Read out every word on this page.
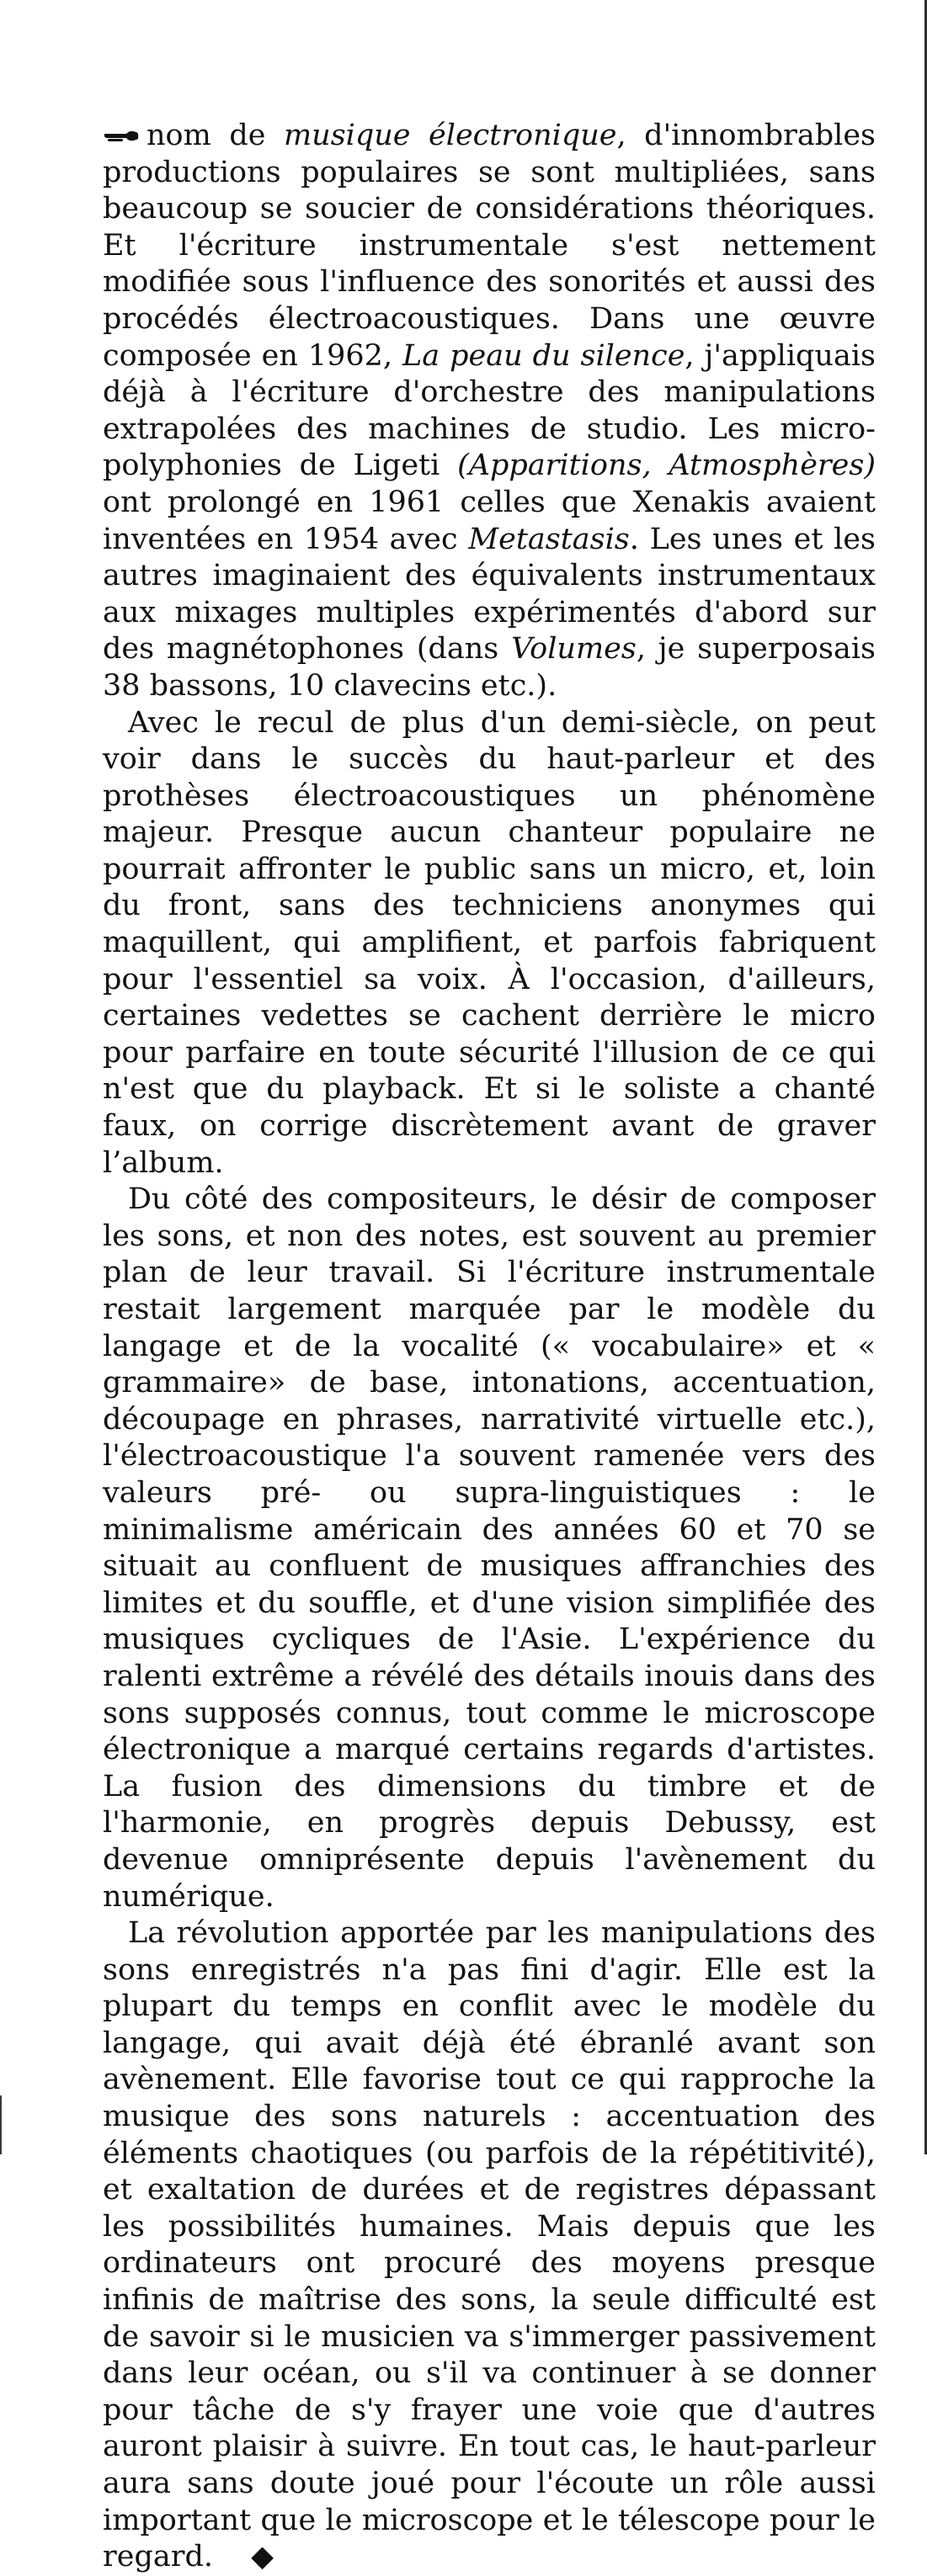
nom de musique électronique, d'innombrables productions populaires se sont multipliées, sans beaucoup se soucier de considérations théoriques. Et l'écriture instrumentale s'est nettement modifiée sous l'influence des sonorités et aussi des procédés électroacoustiques. Dans une œuvre composée en 1962, La peau du silence, j'appliquais déjà à l'écriture d'orchestre des manipulations extrapolées des machines de studio. Les micro-polyphonies de Ligeti (Apparitions, Atmosphères) ont prolongé en 1961 celles que Xenakis avaient inventées en 1954 avec Metastasis. Les unes et les autres imaginaient des équivalents instrumentaux aux mixages multiples expérimentés d'abord sur des magnétophones (dans Volumes, je superposais 38 bassons, 10 clavecins etc.).

Avec le recul de plus d'un demi-siècle, on peut voir dans le succès du haut-parleur et des prothèses électroacoustiques un phénomène majeur. Presque aucun chanteur populaire ne pourrait affronter le public sans un micro, et, loin du front, sans des techniciens anonymes qui maquillent, qui amplifient, et parfois fabriquent pour l'essentiel sa voix. À l'occasion, d'ailleurs, certaines vedettes se cachent derrière le micro pour parfaire en toute sécurité l'illusion de ce qui n'est que du playback. Et si le soliste a chanté faux, on corrige discrètement avant de graver l’album.

Du côté des compositeurs, le désir de composer les sons, et non des notes, est souvent au premier plan de leur travail. Si l'écriture instrumentale restait largement marquée par le modèle du langage et de la vocalité (« vocabulaire» et « grammaire» de base, intonations, accentuation, découpage en phrases, narrativité virtuelle etc.), l'électroacoustique l'a souvent ramenée vers des valeurs pré- ou supra-linguistiques : le minimalisme américain des années 60 et 70 se situait au confluent de musiques affranchies des limites et du souffle, et d'une vision simplifiée des musiques cycliques de l'Asie. L'expérience du ralenti extrême a révélé des détails inouis dans des sons supposés connus, tout comme le microscope électronique a marqué certains regards d'artistes. La fusion des dimensions du timbre et de l'harmonie, en progrès depuis Debussy, est devenue omniprésente depuis l'avènement du numérique.

La révolution apportée par les manipulations des sons enregistrés n'a pas fini d'agir. Elle est la plupart du temps en conflit avec le modèle du langage, qui avait déjà été ébranlé avant son avènement. Elle favorise tout ce qui rapproche la musique des sons naturels : accentuation des éléments chaotiques (ou parfois de la répétitivité), et exaltation de durées et de registres dépassant les possibilités humaines. Mais depuis que les ordinateurs ont procuré des moyens presque infinis de maîtrise des sons, la seule difficulté est de savoir si le musicien va s'immerger passivement dans leur océan, ou s'il va continuer à se donner pour tâche de s'y frayer une voie que d'autres auront plaisir à suivre. En tout cas, le haut-parleur aura sans doute joué pour l'écoute un rôle aussi important que le microscope et le télescope pour le regard. ◆
